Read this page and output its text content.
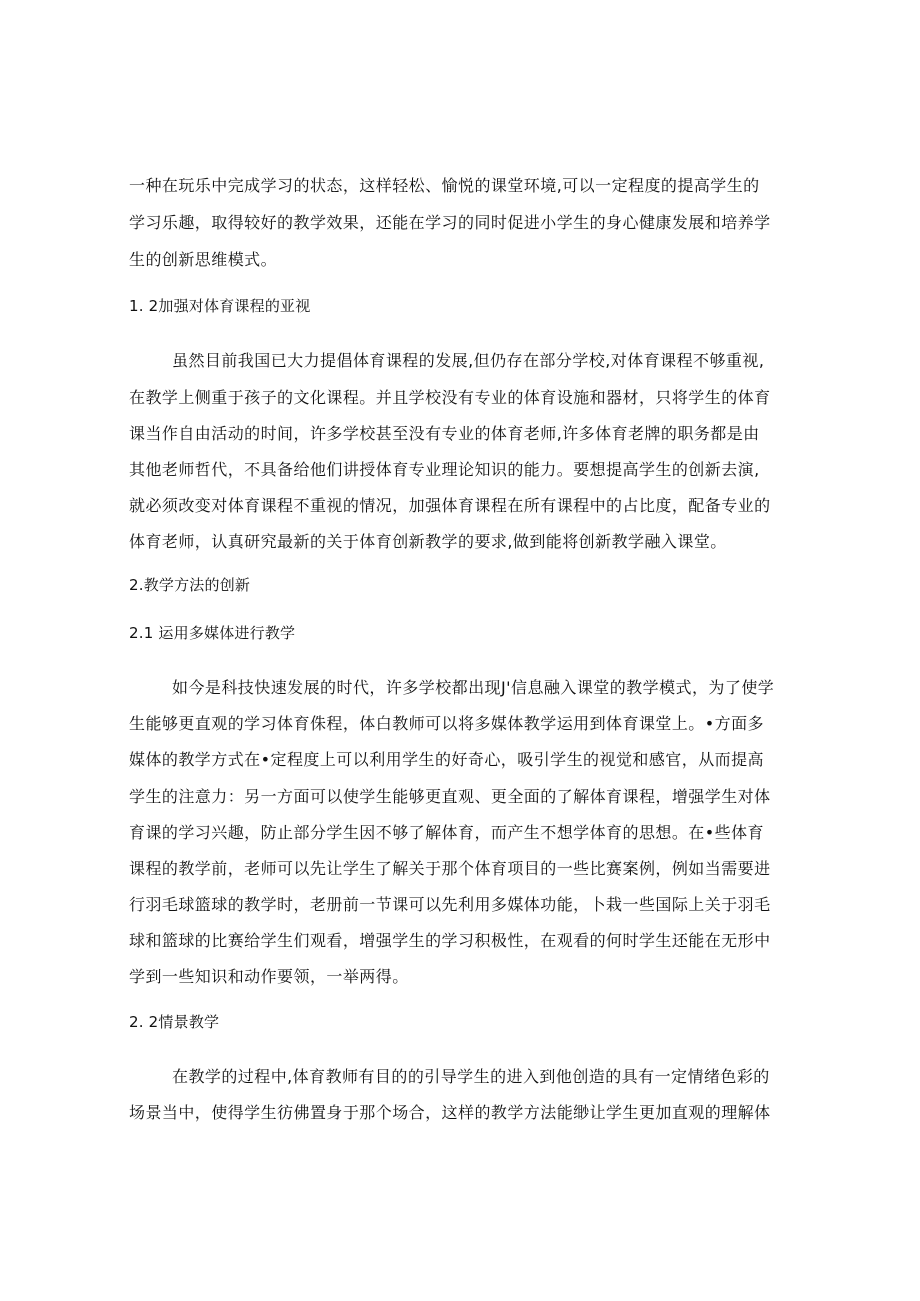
一种在玩乐中完成学习的状态，这样轻松、愉悦的课堂环境,可以一定程度的提高学生的
学习乐趣，取得较好的教学效果，还能在学习的同时促进小学生的身心健康发展和培养学
生的创新思维模式。
1. 2加强对体育课程的亚视
虽然目前我国已大力提倡体育课程的发展,但仍存在部分学校,对体育课程不够重视,
在教学上侧重于孩子的文化课程。并且学校没有专业的体育设施和器材，只将学生的体育
课当作自由活动的时间，许多学校甚至没有专业的体育老师,许多体育老牌的职务都是由
其他老师哲代，不具备给他们讲授体育专业理论知识的能力。要想提高学生的创新去演,
就必须改变对体育课程不重视的情况，加强体育课程在所有课程中的占比度，配备专业的
体育老师，认真研究最新的关于体育创新教学的要求,做到能将创新教学融入课堂。
2.教学方法的创新
2.1 运用多媒体进行教学
如今是科技快速发展的时代，许多学校都出现J'信息融入课堂的教学模式，为了使学
生能够更直观的学习体育侏程，体白教师可以将多媒体教学运用到体育课堂上。•方面多
媒体的教学方式在•定程度上可以利用学生的好奇心，吸引学生的视觉和感官，从而提高
学生的注意力：另一方面可以使学生能够更直观、更全面的了解体育课程，增强学生对体
育课的学习兴趣，防止部分学生因不够了解体育，而产生不想学体育的思想。在•些体育
课程的教学前，老师可以先让学生了解关于那个体育项目的一些比赛案例，例如当需要进
行羽毛球篮球的教学时，老册前一节课可以先利用多媒体功能，卜栽一些国际上关于羽毛
球和篮球的比赛给学生们观看，增强学生的学习积极性，在观看的何时学生还能在无形中
学到一些知识和动作要领，一举两得。
2. 2情景教学
在教学的过程中,体育教师有目的的引导学生的进入到他创造的具有一定情绪色彩的
场景当中，使得学生彷佛置身于那个场合，这样的教学方法能缈让学生更加直观的理解体
